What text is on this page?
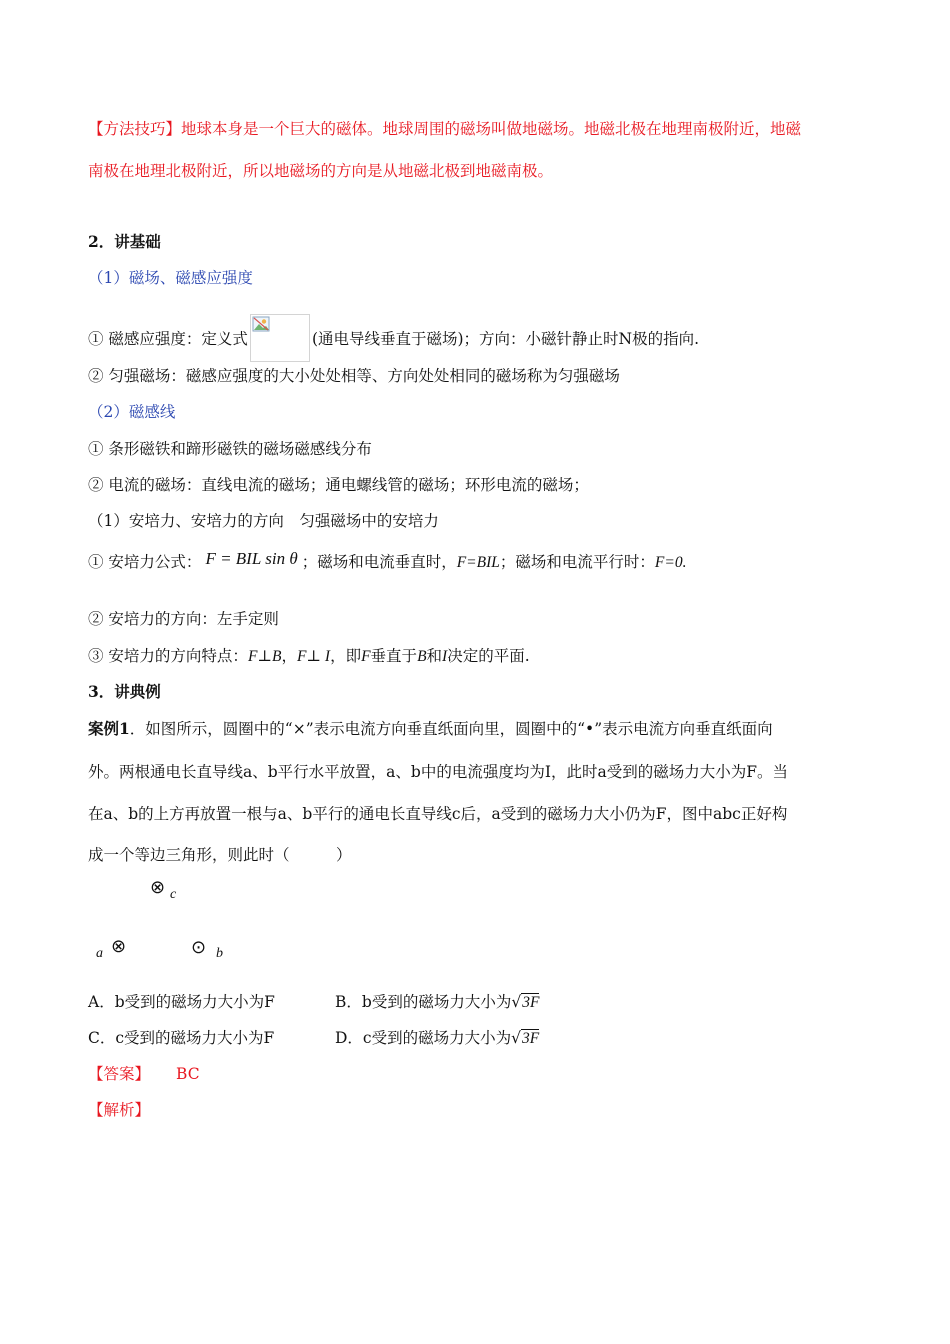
【方法技巧】地球本身是一个巨大的磁体。地球周围的磁场叫做地磁场。地磁北极在地理南极附近，地磁
南极在地理北极附近，所以地磁场的方向是从地磁北极到地磁南极。
2．讲基础
（1）磁场、磁感应强度
① 磁感应强度：定义式	(通电导线垂直于磁场)；方向：小磁针静止时N极的指向.
② 匀强磁场：磁感应强度的大小处处相等、方向处处相同的磁场称为匀强磁场
（2）磁感线
① 条形磁铁和蹄形磁铁的磁场磁感线分布
② 电流的磁场：直线电流的磁场；通电螺线管的磁场；环形电流的磁场；
（1）安培力、安培力的方向　匀强磁场中的安培力
① 安培力公式： F = BIL sin θ ；磁场和电流垂直时，F=BIL；磁场和电流平行时：F=0.
② 安培力的方向：左手定则
③ 安培力的方向特点：F⊥B，F⊥ I，即F垂直于B和I决定的平面.
3．讲典例
案例1．如图所示，圆圈中的“×”表示电流方向垂直纸面向里，圆圈中的“•”表示电流方向垂直纸面向
外。两根通电长直导线a、b平行水平放置，a、b中的电流强度均为I，此时a受到的磁场力大小为F。当
在a、b的上方再放置一根与a、b平行的通电长直导线c后，a受到的磁场力大小仍为F，图中abc正好构
成一个等边三角形，则此时（　　　）
⊗ c
a ⊗	⊙ b
A．b受到的磁场力大小为F	B．b受到的磁场力大小为√3F
C．c受到的磁场力大小为F	D．c受到的磁场力大小为√3F
【答案】 BC
【解析】
